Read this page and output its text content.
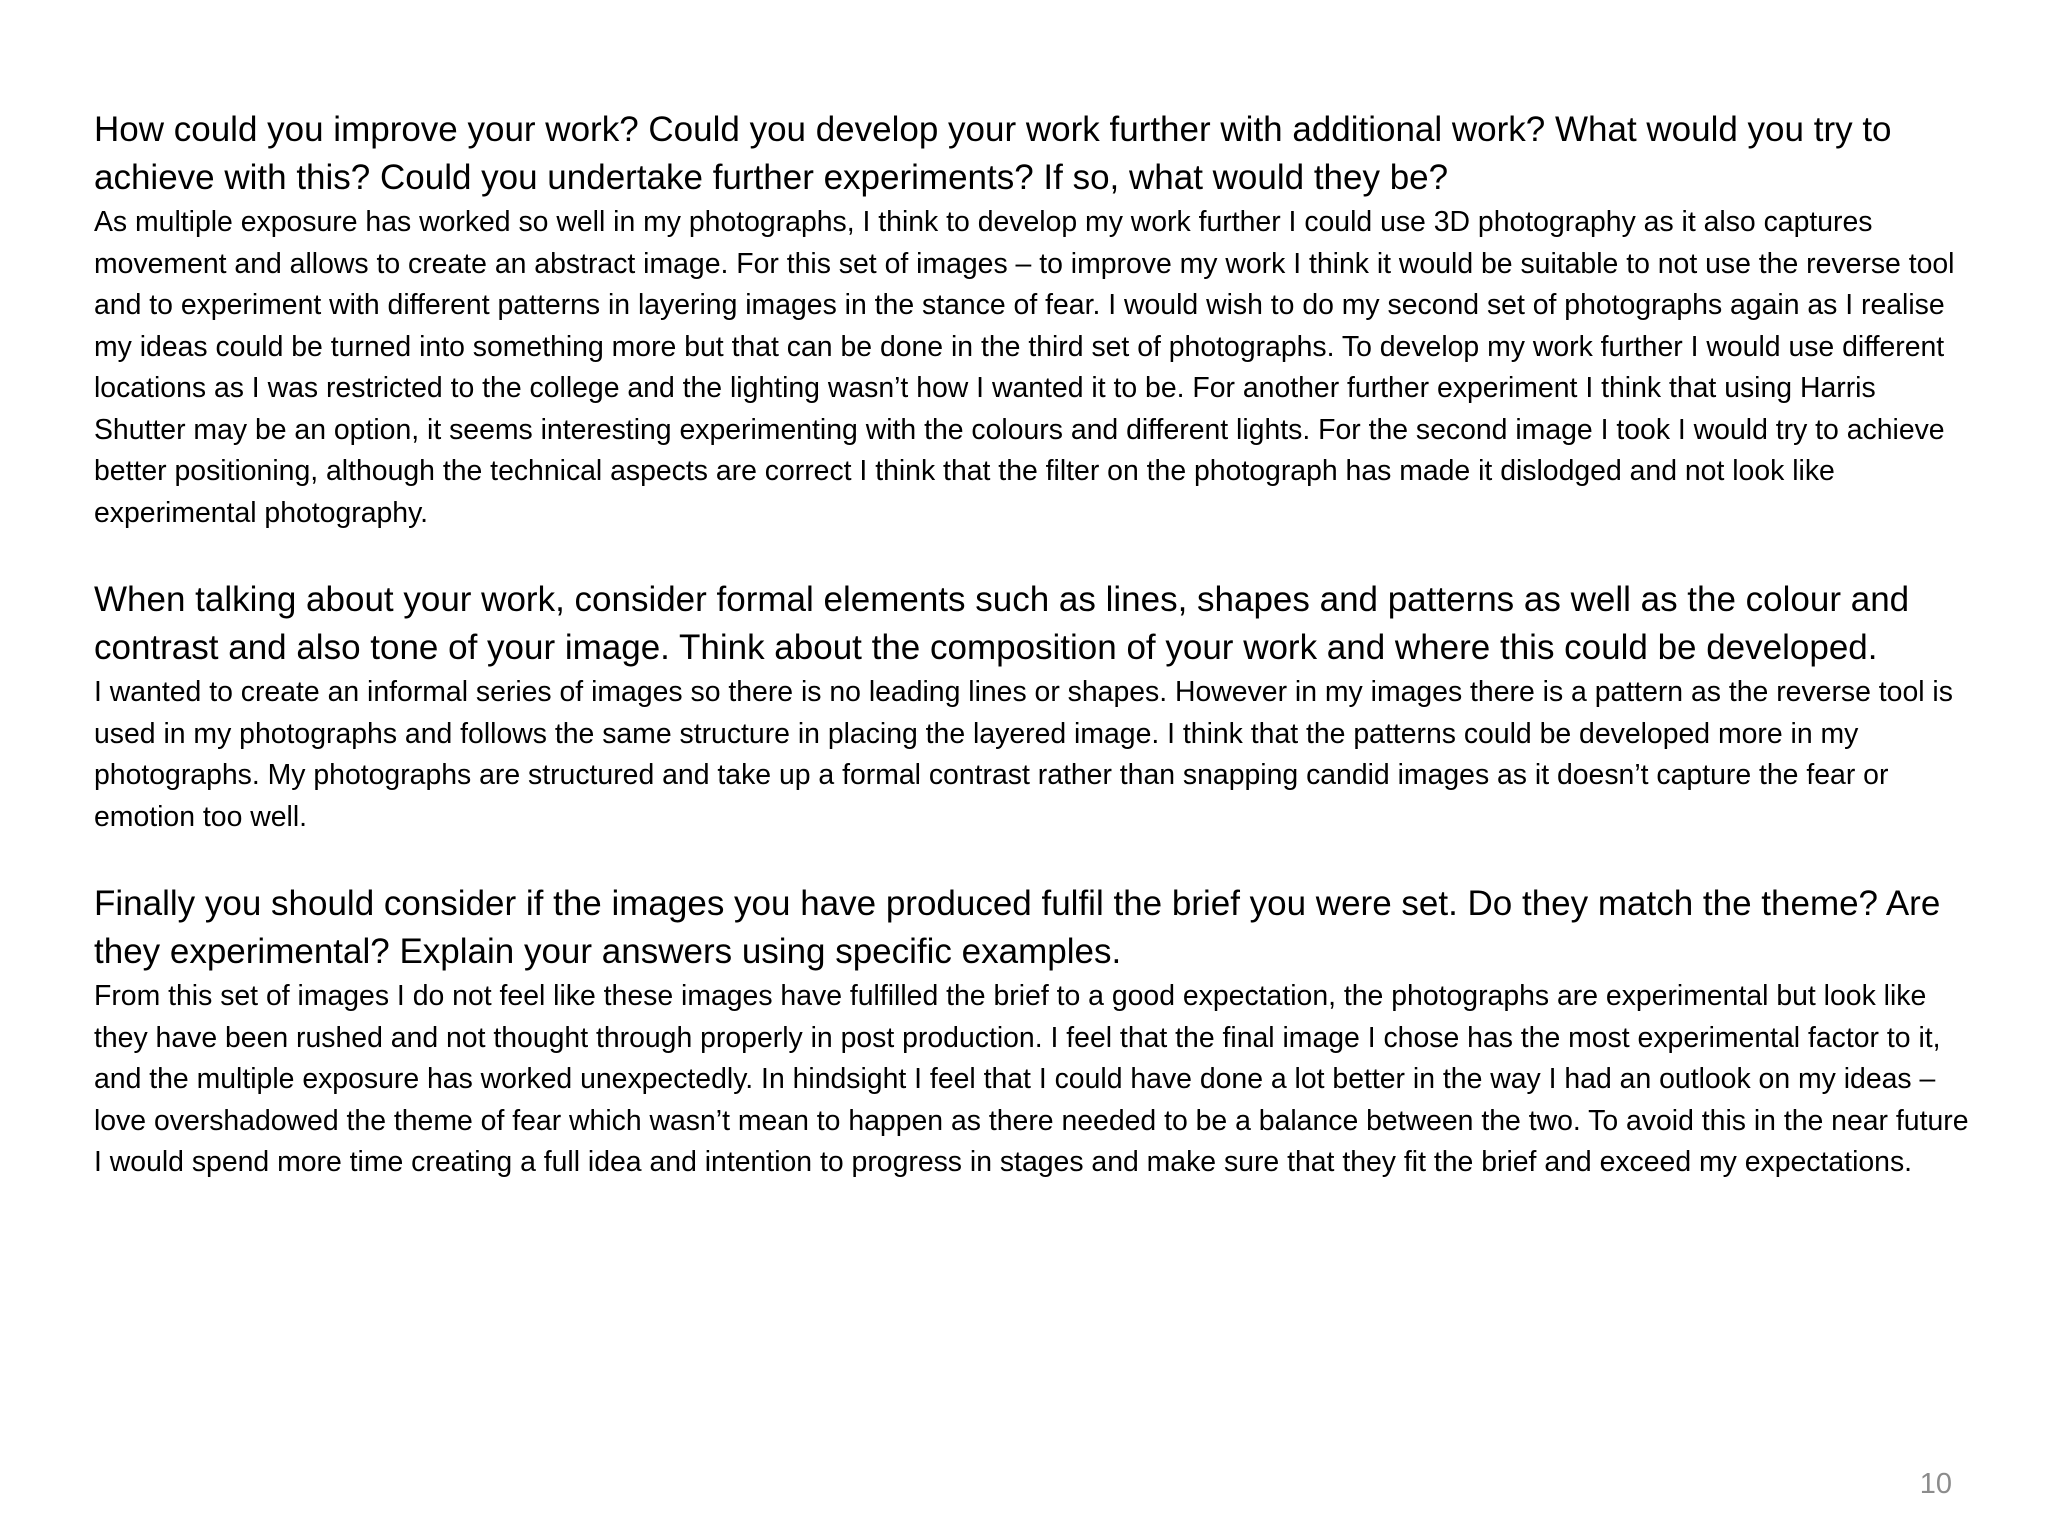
How could you improve your work? Could you develop your work further with additional work? What would you try to achieve with this? Could you undertake further experiments? If so, what would they be?

As multiple exposure has worked so well in my photographs, I think to develop my work further I could use 3D photography as it also captures movement and allows to create an abstract image. For this set of images – to improve my work I think it would be suitable to not use the reverse tool and to experiment with different patterns in layering images in the stance of fear. I would wish to do my second set of photographs again as I realise my ideas could be turned into something more but that can be done in the third set of photographs. To develop my work further I would use different locations as I was restricted to the college and the lighting wasn’t how I wanted it to be. For another further experiment I think that using Harris Shutter may be an option, it seems interesting experimenting with the colours and different lights. For the second image I took I would try to achieve better positioning, although the technical aspects are correct I think that the filter on the photograph has made it dislodged and not look like experimental photography.

When talking about your work, consider formal elements such as lines, shapes and patterns as well as the colour and contrast and also tone of your image. Think about the composition of your work and where this could be developed.

I wanted to create an informal series of images so there is no leading lines or shapes. However in my images there is a pattern as the reverse tool is used in my photographs and follows the same structure in placing the layered image. I think that the patterns could be developed more in my photographs. My photographs are structured and take up a formal contrast rather than snapping candid images as it doesn’t capture the fear or emotion too well.

Finally you should consider if the images you have produced fulfil the brief you were set. Do they match the theme? Are they experimental? Explain your answers using specific examples.

From this set of images I do not feel like these images have fulfilled the brief to a good expectation, the photographs are experimental but look like they have been rushed and not thought through properly in post production. I feel that the final image I chose has the most experimental factor to it, and the multiple exposure has worked unexpectedly. In hindsight I feel that I could have done a lot better in the way I had an outlook on my ideas – love overshadowed the theme of fear which wasn’t mean to happen as there needed to be a balance between the two. To avoid this in the near future I would spend more time creating a full idea and intention to progress in stages and make sure that they fit the brief and exceed my expectations.

10
